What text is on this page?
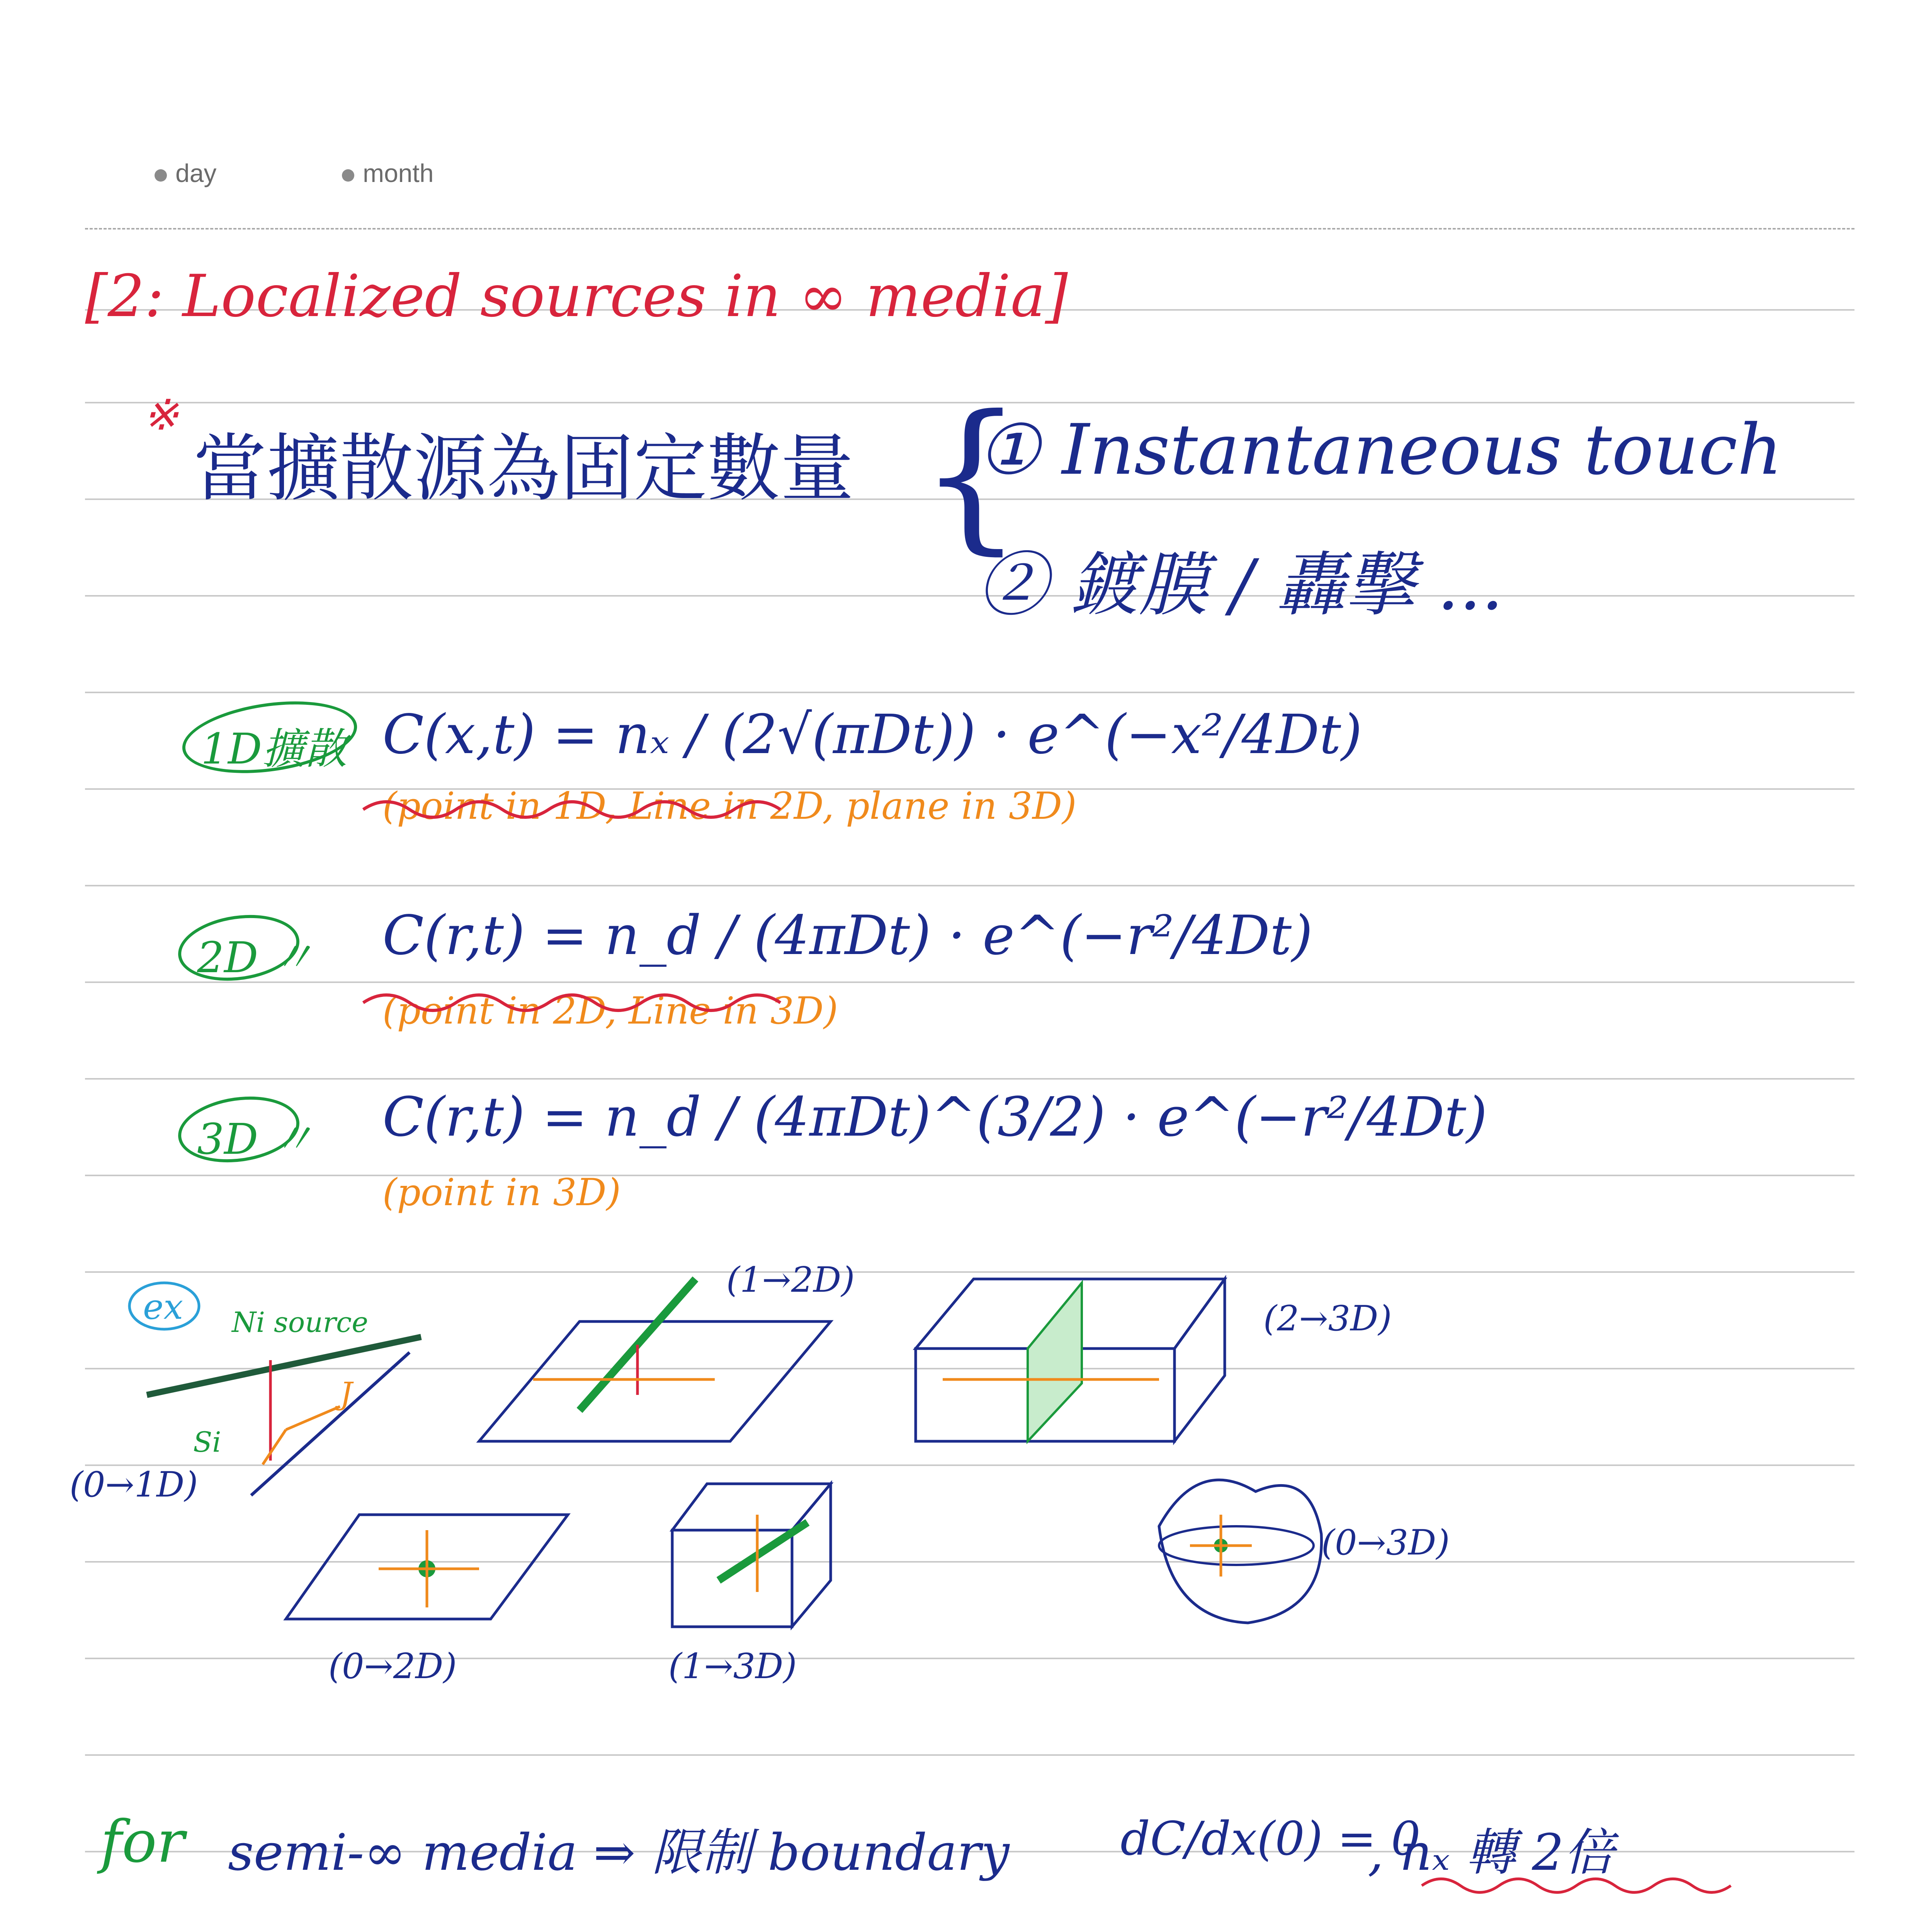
day	month
[2: Localized sources in ∞ media]
※
當擴散源為固定數量 {
① Instantaneous touch
② 鍍膜 / 轟擊 ...
1D擴散 C(x,t) = nₓ / (2√(πDt)) · e^(−x²/4Dt)
(point in 1D, Line in 2D, plane in 3D)
2D 〃 C(r,t) = n_d / (4πDt) · e^(−r²/4Dt)
(point in 2D, Line in 3D)
3D 〃 C(r,t) = n_d / (4πDt)^(3/2) · e^(−r²/4Dt)
(point in 3D)
ex Ni source
Si
J
(0→1D)
(1→2D)
(2→3D)
(0→2D)	(1→3D)
(0→3D)
for semi-∞ media ⇒ 限制 boundary dC/dx(0) = 0
, nₓ 轉 2倍
